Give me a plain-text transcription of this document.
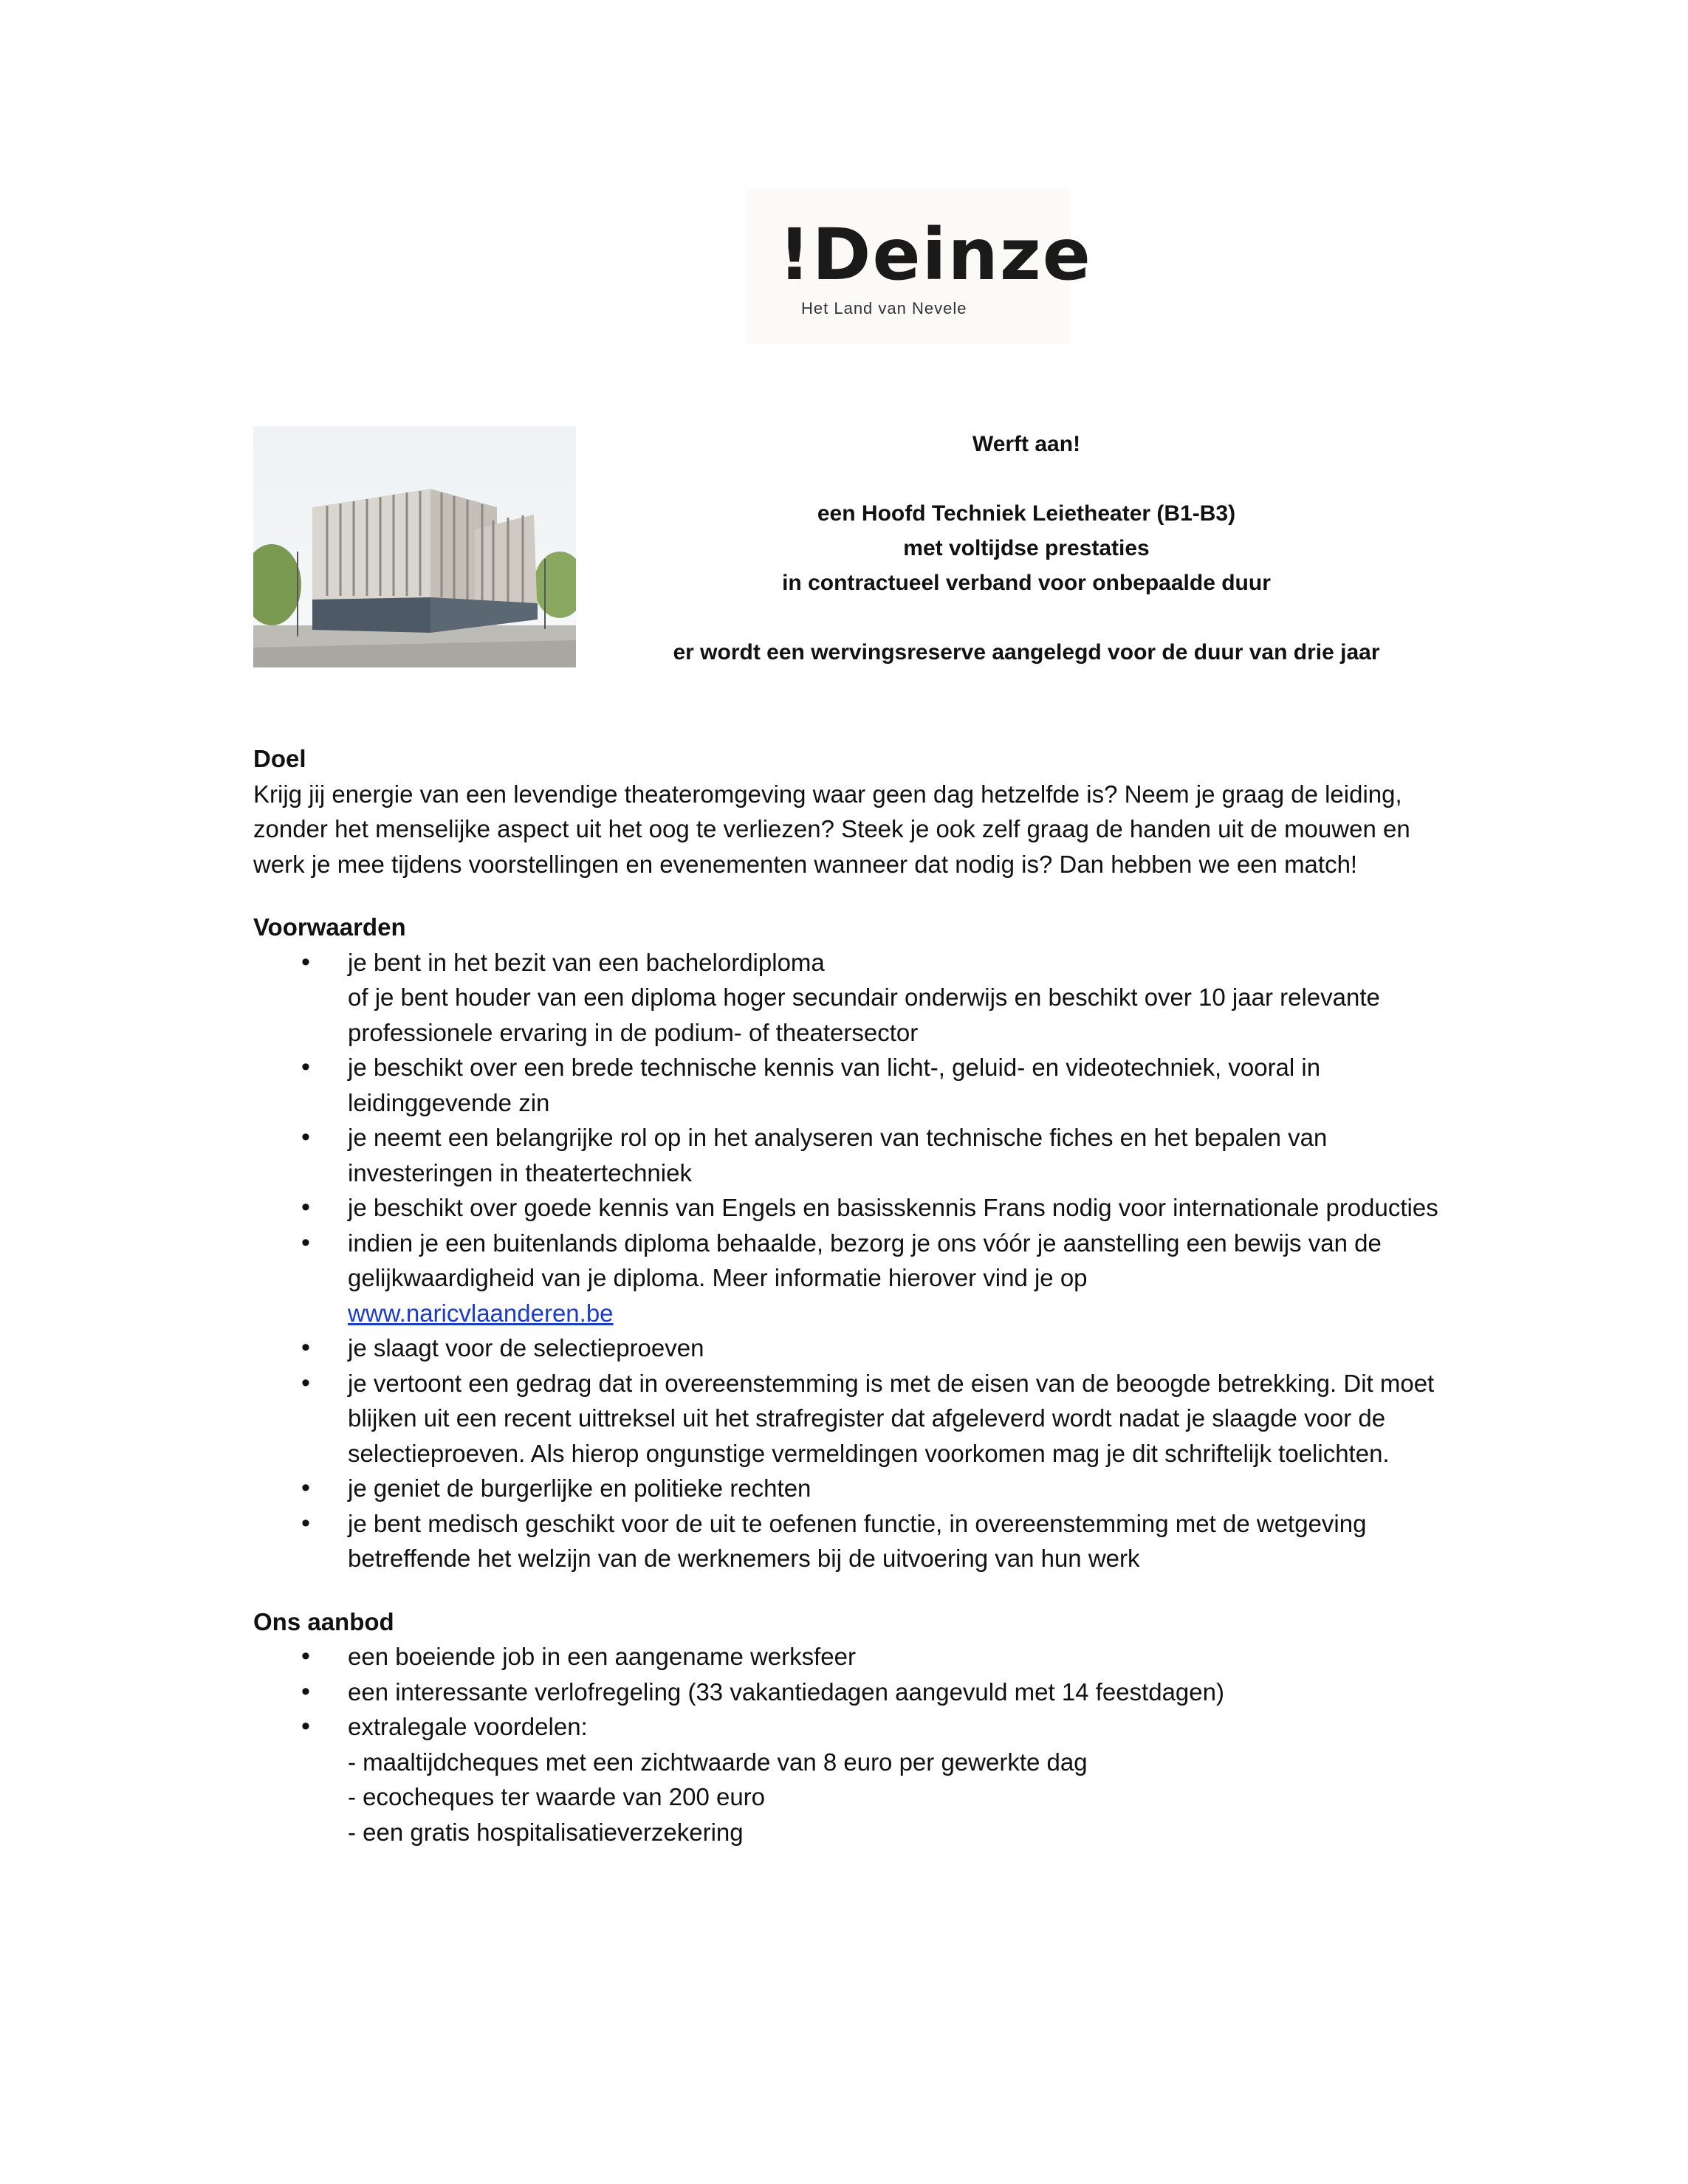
!Deinze
Het Land van Nevele

Werft aan!

een Hoofd Techniek Leietheater (B1-B3)

met voltijdse prestaties

in contractueel verband voor onbepaalde duur

er wordt een wervingsreserve aangelegd voor de duur van drie jaar

Doel

Krijg jij energie van een levendige theateromgeving waar geen dag hetzelfde is? Neem je graag de leiding, zonder het menselijke aspect uit het oog te verliezen? Steek je ook zelf graag de handen uit de mouwen en werk je mee tijdens voorstellingen en evenementen wanneer dat nodig is? Dan hebben we een match!

Voorwaarden
• je bent in het bezit van een bachelordiploma
of je bent houder van een diploma hoger secundair onderwijs en beschikt over 10 jaar relevante professionele ervaring in de podium- of theatersector
• je beschikt over een brede technische kennis van licht-, geluid- en videotechniek, vooral in leidinggevende zin
• je neemt een belangrijke rol op in het analyseren van technische fiches en het bepalen van investeringen in theatertechniek
• je beschikt over goede kennis van Engels en basisskennis Frans nodig voor internationale producties
• indien je een buitenlands diploma behaalde, bezorg je ons vóór je aanstelling een bewijs van de gelijkwaardigheid van je diploma. Meer informatie hierover vind je op
www.naricvlaanderen.be
• je slaagt voor de selectieproeven
• je vertoont een gedrag dat in overeenstemming is met de eisen van de beoogde betrekking. Dit moet blijken uit een recent uittreksel uit het strafregister dat afgeleverd wordt nadat je slaagde voor de selectieproeven. Als hierop ongunstige vermeldingen voorkomen mag je dit schriftelijk toelichten.
• je geniet de burgerlijke en politieke rechten
• je bent medisch geschikt voor de uit te oefenen functie, in overeenstemming met de wetgeving betreffende het welzijn van de werknemers bij de uitvoering van hun werk
Ons aanbod
• een boeiende job in een aangename werksfeer
• een interessante verlofregeling (33 vakantiedagen aangevuld met 14 feestdagen)
• extralegale voordelen:
- maaltijdcheques met een zichtwaarde van 8 euro per gewerkte dag
- ecocheques ter waarde van 200 euro
- een gratis hospitalisatieverzekering
